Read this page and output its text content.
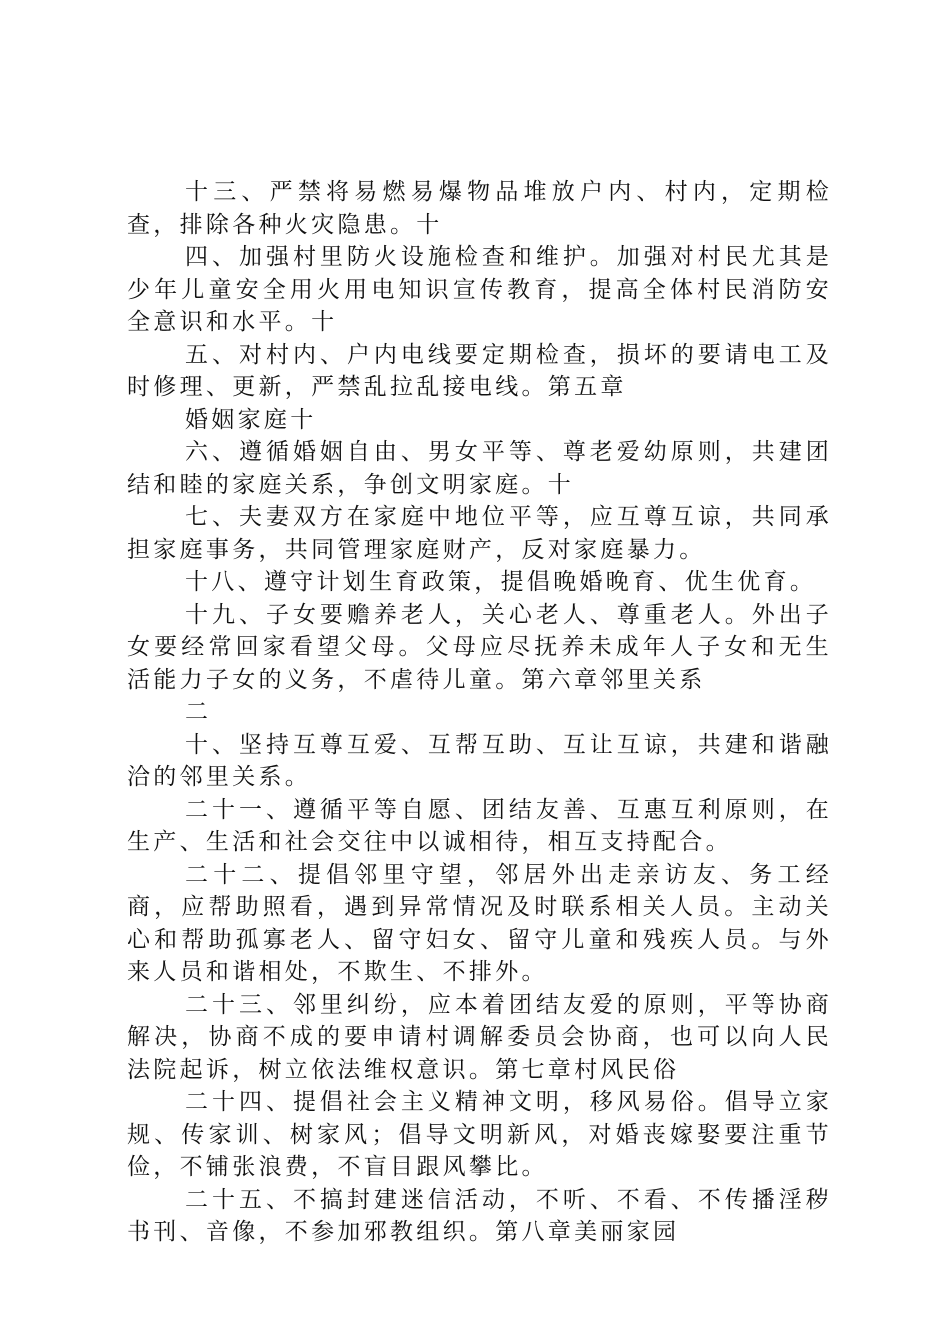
十三、严禁将易燃易爆物品堆放户内、村内，定期检查，排除各种火灾隐患。十

四、加强村里防火设施检查和维护。加强对村民尤其是少年儿童安全用火用电知识宣传教育，提高全体村民消防安全意识和水平。十

五、对村内、户内电线要定期检查，损坏的要请电工及时修理、更新，严禁乱拉乱接电线。第五章

婚姻家庭十

六、遵循婚姻自由、男女平等、尊老爱幼原则，共建团结和睦的家庭关系，争创文明家庭。十

七、夫妻双方在家庭中地位平等，应互尊互谅，共同承担家庭事务，共同管理家庭财产，反对家庭暴力。

十八、遵守计划生育政策，提倡晚婚晚育、优生优育。

十九、子女要赡养老人，关心老人、尊重老人。外出子女要经常回家看望父母。父母应尽抚养未成年人子女和无生活能力子女的义务，不虐待儿童。第六章邻里关系

二

十、坚持互尊互爱、互帮互助、互让互谅，共建和谐融洽的邻里关系。

二十一、遵循平等自愿、团结友善、互惠互利原则，在生产、生活和社会交往中以诚相待，相互支持配合。

二十二、提倡邻里守望，邻居外出走亲访友、务工经商，应帮助照看，遇到异常情况及时联系相关人员。主动关心和帮助孤寡老人、留守妇女、留守儿童和残疾人员。与外来人员和谐相处，不欺生、不排外。

二十三、邻里纠纷，应本着团结友爱的原则，平等协商解决，协商不成的要申请村调解委员会协商，也可以向人民法院起诉，树立依法维权意识。第七章村风民俗

二十四、提倡社会主义精神文明，移风易俗。倡导立家规、传家训、树家风；倡导文明新风，对婚丧嫁娶要注重节俭，不铺张浪费，不盲目跟风攀比。

二十五、不搞封建迷信活动，不听、不看、不传播淫秽书刊、音像，不参加邪教组织。第八章美丽家园
